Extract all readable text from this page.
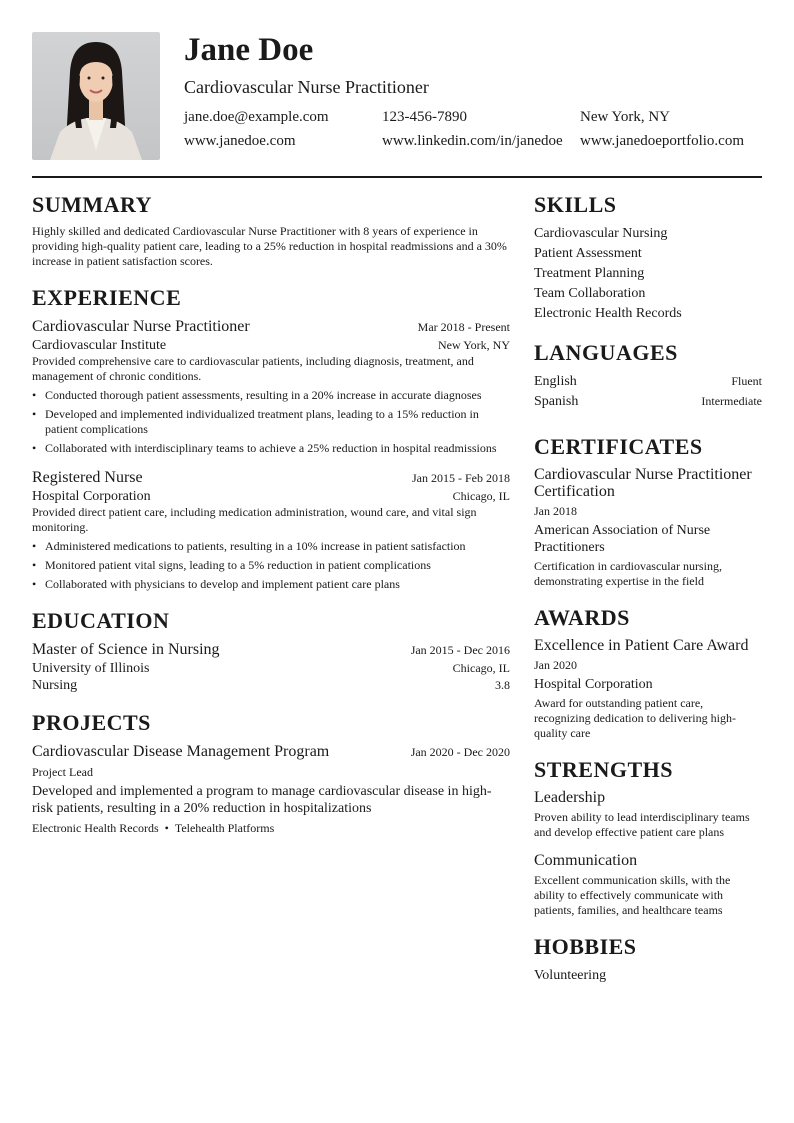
Jane Doe
Cardiovascular Nurse Practitioner
jane.doe@example.com	123-456-7890	New York, NY
www.janedoe.com	www.linkedin.com/in/janedoe	www.janedoeportfolio.com
SUMMARY
Highly skilled and dedicated Cardiovascular Nurse Practitioner with 8 years of experience in providing high-quality patient care, leading to a 25% reduction in hospital readmissions and a 30% increase in patient satisfaction scores.
EXPERIENCE
Cardiovascular Nurse Practitioner	Mar 2018 - Present
Cardiovascular Institute	New York, NY
Provided comprehensive care to cardiovascular patients, including diagnosis, treatment, and management of chronic conditions.
• Conducted thorough patient assessments, resulting in a 20% increase in accurate diagnoses
• Developed and implemented individualized treatment plans, leading to a 15% reduction in patient complications
• Collaborated with interdisciplinary teams to achieve a 25% reduction in hospital readmissions
Registered Nurse	Jan 2015 - Feb 2018
Hospital Corporation	Chicago, IL
Provided direct patient care, including medication administration, wound care, and vital sign monitoring.
• Administered medications to patients, resulting in a 10% increase in patient satisfaction
• Monitored patient vital signs, leading to a 5% reduction in patient complications
• Collaborated with physicians to develop and implement patient care plans
EDUCATION
Master of Science in Nursing	Jan 2015 - Dec 2016
University of Illinois	Chicago, IL
Nursing	3.8
PROJECTS
Cardiovascular Disease Management Program	Jan 2020 - Dec 2020
Project Lead
Developed and implemented a program to manage cardiovascular disease in high-risk patients, resulting in a 20% reduction in hospitalizations
Electronic Health Records • Telehealth Platforms
SKILLS
Cardiovascular Nursing
Patient Assessment
Treatment Planning
Team Collaboration
Electronic Health Records
LANGUAGES
English	Fluent
Spanish	Intermediate
CERTIFICATES
Cardiovascular Nurse Practitioner Certification
Jan 2018
American Association of Nurse Practitioners
Certification in cardiovascular nursing, demonstrating expertise in the field
AWARDS
Excellence in Patient Care Award
Jan 2020
Hospital Corporation
Award for outstanding patient care, recognizing dedication to delivering high-quality care
STRENGTHS
Leadership
Proven ability to lead interdisciplinary teams and develop effective patient care plans
Communication
Excellent communication skills, with the ability to effectively communicate with patients, families, and healthcare teams
HOBBIES
Volunteering
